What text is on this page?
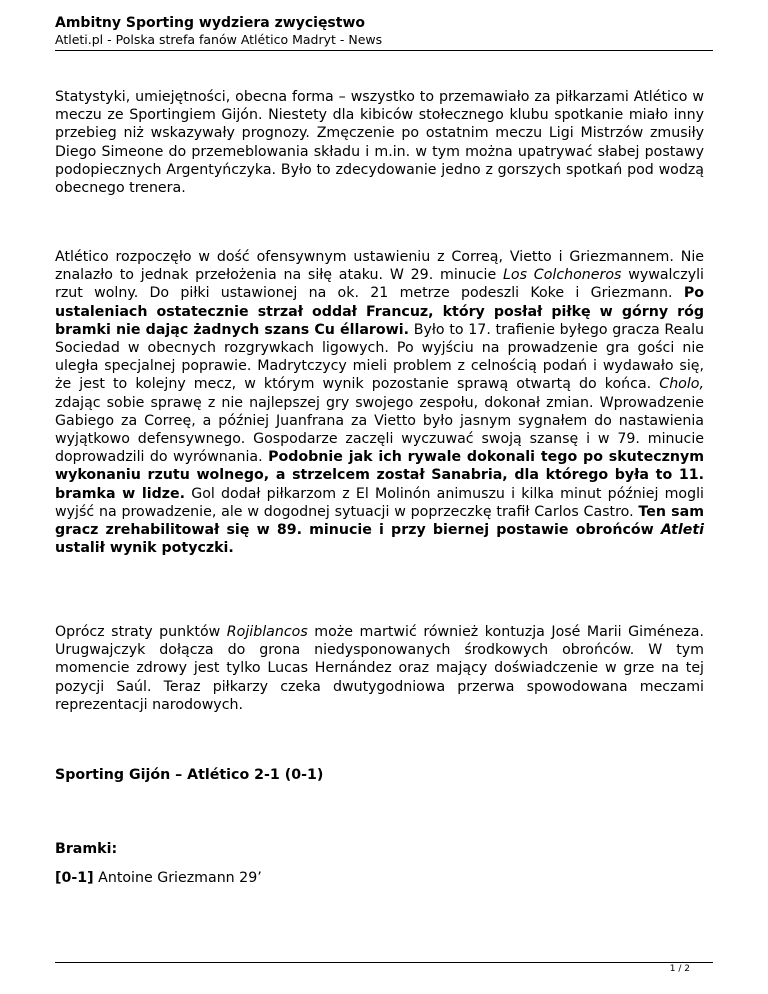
Ambitny Sporting wydziera zwycięstwo
Atleti.pl - Polska strefa fanów Atlético Madryt - News

Statystyki, umiejętności, obecna forma – wszystko to przemawiało za piłkarzami Atlético w meczu ze Sportingiem Gijón. Niestety dla kibiców stołecznego klubu spotkanie miało inny przebieg niż wskazywały prognozy. Zmęczenie po ostatnim meczu Ligi Mistrzów zmusiły Diego Simeone do przemeblowania składu i m.in. w tym można upatrywać słabej postawy podopiecznych Argentyńczyka. Było to zdecydowanie jedno z gorszych spotkań pod wodzą obecnego trenera.

Atlético rozpoczęło w dość ofensywnym ustawieniu z Correą, Vietto i Griezmannem. Nie znalazło to jednak przełożenia na siłę ataku. W 29. minucie Los Colchoneros wywalczyli rzut wolny. Do piłki ustawionej na ok. 21 metrze podeszli Koke i Griezmann. Po ustaleniach ostatecznie strzał oddał Francuz, który posłał piłkę w górny róg bramki nie dając żadnych szans Cu éllarowi. Było to 17. trafienie byłego gracza Realu Sociedad w obecnych rozgrywkach ligowych. Po wyjściu na prowadzenie gra gości nie uległa specjalnej poprawie. Madrytczycy mieli problem z celnością podań i wydawało się, że jest to kolejny mecz, w którym wynik pozostanie sprawą otwartą do końca. Cholo, zdając sobie sprawę z nie najlepszej gry swojego zespołu, dokonał zmian. Wprowadzenie Gabiego za Correę, a później Juanfrana za Vietto było jasnym sygnałem do nastawienia wyjątkowo defensywnego. Gospodarze zaczęli wyczuwać swoją szansę i w 79. minucie doprowadzili do wyrównania. Podobnie jak ich rywale dokonali tego po skutecznym wykonaniu rzutu wolnego, a strzelcem został Sanabria, dla którego była to 11. bramka w lidze. Gol dodał piłkarzom z El Molinón animuszu i kilka minut później mogli wyjść na prowadzenie, ale w dogodnej sytuacji w poprzeczkę trafił Carlos Castro. Ten sam gracz zrehabilitował się w 89. minucie i przy biernej postawie obrońców Atleti ustalił wynik potyczki.

Oprócz straty punktów Rojiblancos może martwić również kontuzja José Marii Giméneza. Urugwajczyk dołącza do grona niedysponowanych środkowych obrońców. W tym momencie zdrowy jest tylko Lucas Hernández oraz mający doświadczenie w grze na tej pozycji Saúl. Teraz piłkarzy czeka dwutygodniowa przerwa spowodowana meczami reprezentacji narodowych.

Sporting Gijón – Atlético 2-1 (0-1)

Bramki:

[0-1] Antoine Griezmann 29’

1 / 2
